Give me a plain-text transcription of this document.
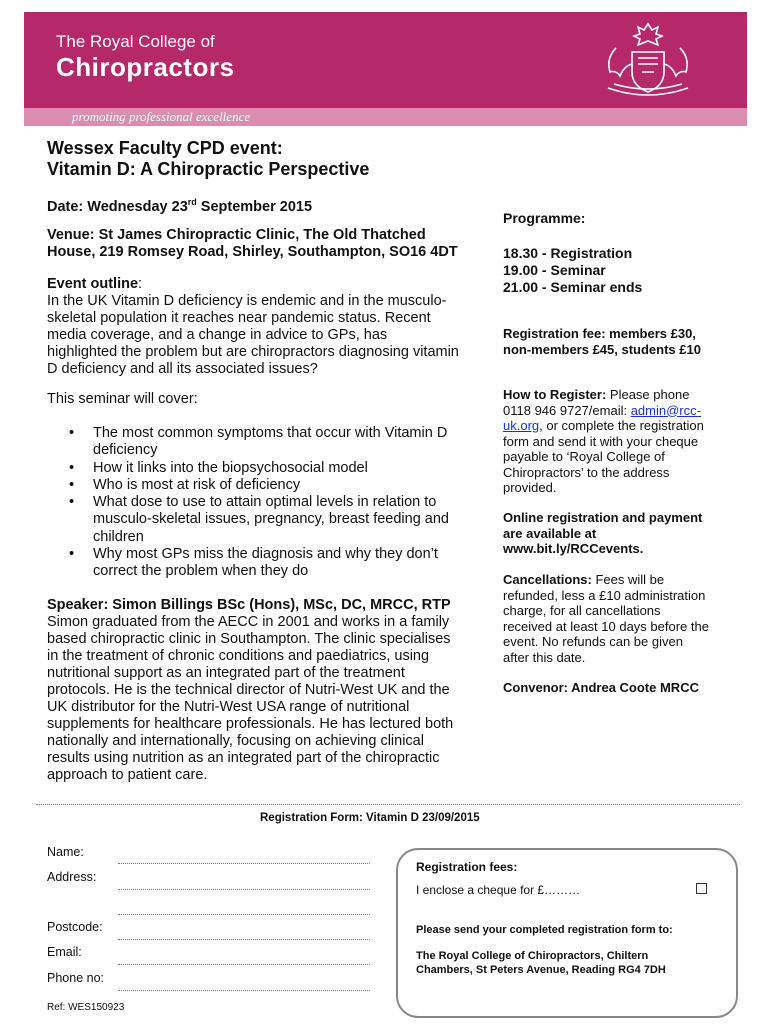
The Royal College of
Chiropractors
promoting professional excellence
Wessex Faculty CPD event:
Vitamin D: A Chiropractic Perspective
Date: Wednesday 23rd September 2015
Venue: St James Chiropractic Clinic, The Old Thatched
House, 219 Romsey Road, Shirley, Southampton, SO16 4DT
Event outline:
In the UK Vitamin D deficiency is endemic and in the musculo-
skeletal population it reaches near pandemic status. Recent
media coverage, and a change in advice to GPs, has
highlighted the problem but are chiropractors diagnosing vitamin
D deficiency and all its associated issues?
This seminar will cover:
• The most common symptoms that occur with Vitamin D
deficiency
• How it links into the biopsychosocial model
• Who is most at risk of deficiency
• What dose to use to attain optimal levels in relation to
musculo-skeletal issues, pregnancy, breast feeding and
children
• Why most GPs miss the diagnosis and why they don’t
correct the problem when they do
Speaker: Simon Billings BSc (Hons), MSc, DC, MRCC, RTP
Simon graduated from the AECC in 2001 and works in a family
based chiropractic clinic in Southampton. The clinic specialises
in the treatment of chronic conditions and paediatrics, using
nutritional support as an integrated part of the treatment
protocols. He is the technical director of Nutri-West UK and the
UK distributor for the Nutri-West USA range of nutritional
supplements for healthcare professionals. He has lectured both
nationally and internationally, focusing on achieving clinical
results using nutrition as an integrated part of the chiropractic
approach to patient care.
Programme:
18.30 - Registration
19.00 - Seminar
21.00 - Seminar ends
Registration fee: members £30,
non-members £45, students £10
How to Register: Please phone
0118 946 9727/email: admin@rcc-
uk.org, or complete the registration
form and send it with your cheque
payable to ‘Royal College of
Chiropractors’ to the address
provided.
Online registration and payment
are available at
www.bit.ly/RCCevents.
Cancellations: Fees will be
refunded, less a £10 administration
charge, for all cancellations
received at least 10 days before the
event. No refunds can be given
after this date.
Convenor: Andrea Coote MRCC
Registration Form: Vitamin D 23/09/2015
Name:
Address:
Postcode:
Email:
Phone no:
Ref: WES150923
Registration fees:
I enclose a cheque for £………
Please send your completed registration form to:
The Royal College of Chiropractors, Chiltern
Chambers, St Peters Avenue, Reading RG4 7DH
